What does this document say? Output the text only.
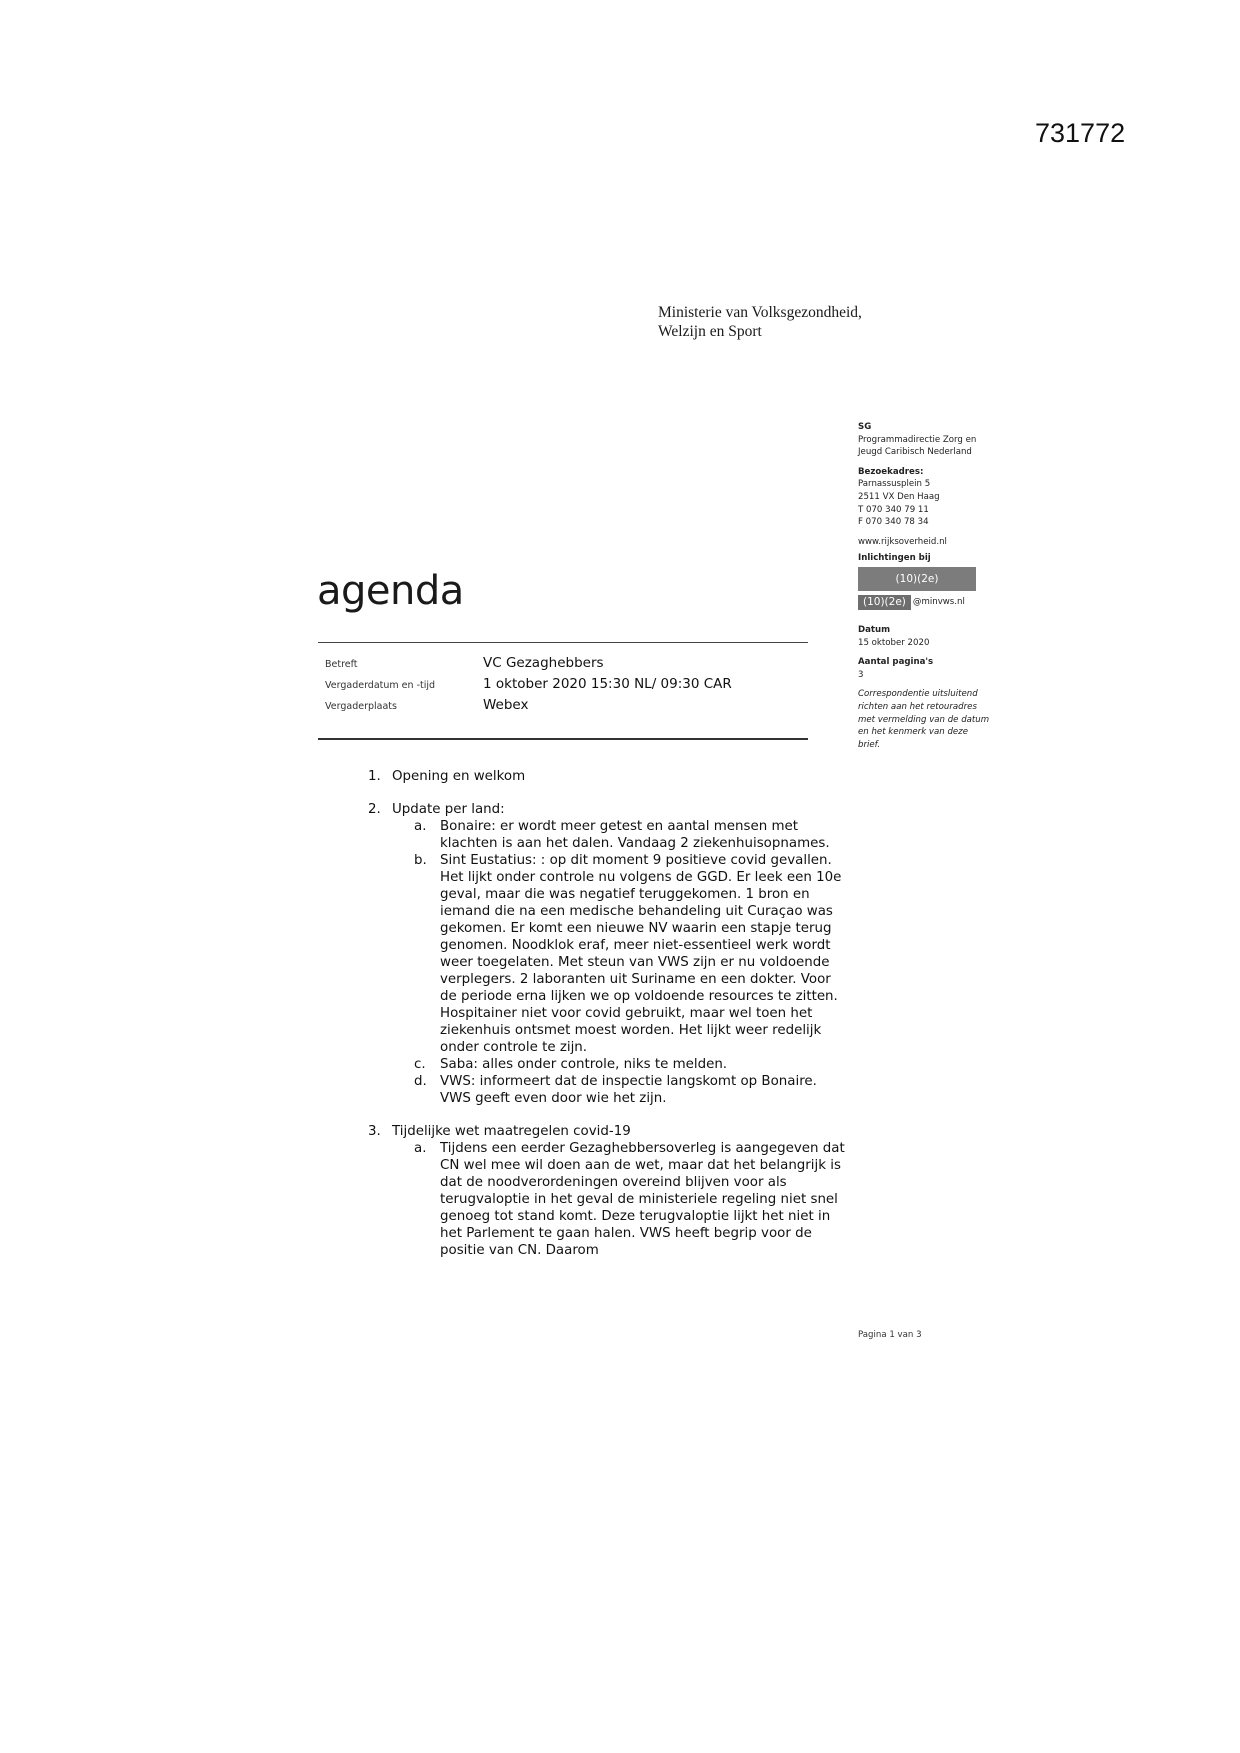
731772
Ministerie van Volksgezondheid,
Welzijn en Sport
SG
Programmadirectie Zorg en
Jeugd Caribisch Nederland
Bezoekadres:
Parnassusplein 5
2511 VX Den Haag
T 070 340 79 11
F 070 340 78 34
www.rijksoverheid.nl
Inlichtingen bij
(10)(2e)
(10)(2e) @minvws.nl
Datum
15 oktober 2020
Aantal pagina's
3
Correspondentie uitsluitend
richten aan het retouradres
met vermelding van de datum
en het kenmerk van deze
brief.
agenda
Betreft	VC Gezaghebbers
Vergaderdatum en -tijd	1 oktober 2020 15:30 NL/ 09:30 CAR
Vergaderplaats	Webex
1. Opening en welkom
2. Update per land:
a.	Bonaire: er wordt meer getest en aantal mensen met klachten is aan het dalen. Vandaag 2 ziekenhuisopnames.
b. Sint Eustatius: : op dit moment 9 positieve covid gevallen. Het lijkt onder controle nu volgens de GGD. Er leek een 10e geval, maar die was negatief teruggekomen. 1 bron en iemand die na een medische behandeling uit Curaçao was gekomen. Er komt een nieuwe NV waarin een stapje terug genomen. Noodklok eraf, meer niet-essentieel werk wordt weer toegelaten. Met steun van VWS zijn er nu voldoende verplegers. 2 laboranten uit Suriname en een dokter. Voor de periode erna lijken we op voldoende resources te zitten. Hospitainer niet voor covid gebruikt, maar wel toen het ziekenhuis ontsmet moest worden. Het lijkt weer redelijk onder controle te zijn.
c.	Saba: alles onder controle, niks te melden.
d. VWS: informeert dat de inspectie langskomt op Bonaire. VWS geeft even door wie het zijn.
3. Tijdelijke wet maatregelen covid-19
a.	Tijdens een eerder Gezaghebbersoverleg is aangegeven dat CN wel mee wil doen aan de wet, maar dat het belangrijk is dat de noodverordeningen overeind blijven voor als terugvaloptie in het geval de ministeriele regeling niet snel genoeg tot stand komt. Deze terugvaloptie lijkt het niet in het Parlement te gaan halen. VWS heeft begrip voor de positie van CN. Daarom
Pagina 1 van 3
